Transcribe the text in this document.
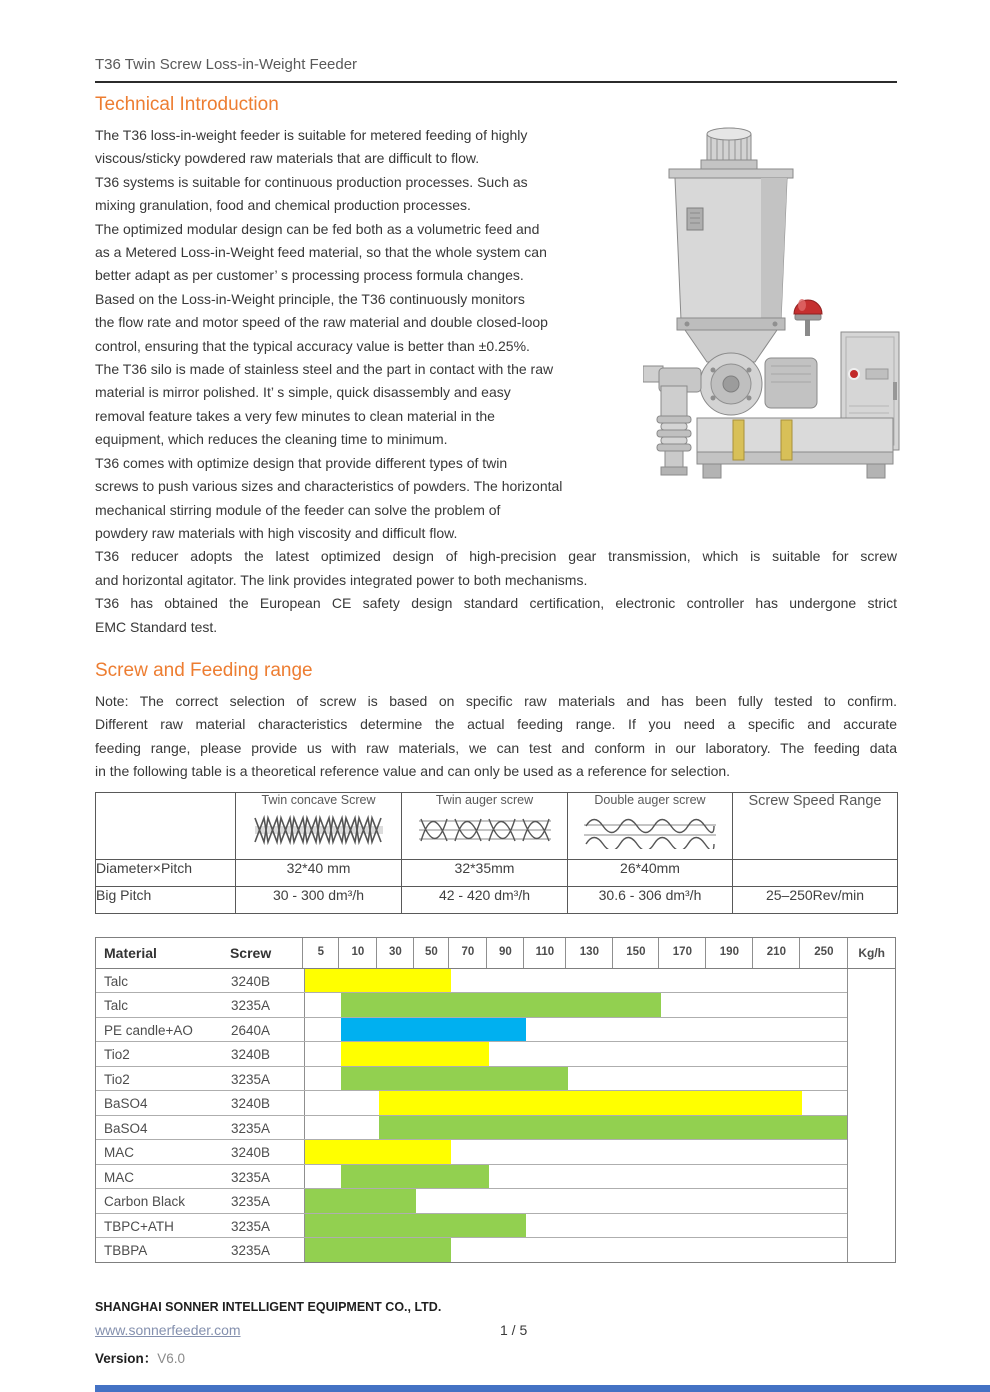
T36 Twin Screw Loss-in-Weight Feeder
Technical Introduction
The T36 loss-in-weight feeder is suitable for metered feeding of highly
viscous/sticky powdered raw materials that are difficult to flow.
T36 systems is suitable for continuous production processes. Such as
mixing granulation, food and chemical production processes.
The optimized modular design can be fed both as a volumetric feed and
as a Metered Loss-in-Weight feed material, so that the whole system can
better adapt as per customer’ s processing process formula changes.
Based on the Loss-in-Weight principle, the T36 continuously monitors
the flow rate and motor speed of the raw material and double closed-loop
control, ensuring that the typical accuracy value is better than ±0.25%.
The T36 silo is made of stainless steel and the part in contact with the raw
material is mirror polished. It’ s simple, quick disassembly and easy
removal feature takes a very few minutes to clean material in the
equipment, which reduces the cleaning time to minimum.
T36 comes with optimize design that provide different types of twin
screws to push various sizes and characteristics of powders. The horizontal
mechanical stirring module of the feeder can solve the problem of
powdery raw materials with high viscosity and difficult flow.
T36 reducer adopts the latest optimized design of high-precision gear transmission, which is suitable for screw
and horizontal agitator. The link provides integrated power to both mechanisms.
T36 has obtained the European CE safety design standard certification, electronic controller has undergone strict
EMC Standard test.
Screw and Feeding range
Note: The correct selection of screw is based on specific raw materials and has been fully tested to confirm.
Different raw material characteristics determine the actual feeding range. If you need a specific and accurate
feeding range, please provide us with raw materials, we can test and conform in our laboratory. The feeding data
in the following table is a theoretical reference value and can only be used as a reference for selection.
	Twin concave Screw	Twin auger screw	Double auger screw	Screw Speed Range
Diameter×Pitch	32*40 mm	32*35mm	26*40mm	
Big Pitch	30 - 300 dm³/h	42 - 420 dm³/h	30.6 - 306 dm³/h	25–250Rev/min
Material	Screw	5	10	30	50	70	90	110	130	150	170	190	210	250	Kg/h
Talc	3240B
Talc	3235A
PE candle+AO	2640A
Tio2	3240B
Tio2	3235A
BaSO4	3240B
BaSO4	3235A
MAC	3240B
MAC	3235A
Carbon Black	3235A
TBPC+ATH	3235A
TBBPA	3235A
SHANGHAI SONNER INTELLIGENT EQUIPMENT CO., LTD.
www.sonnerfeeder.com	1 / 5
Version：V6.0
